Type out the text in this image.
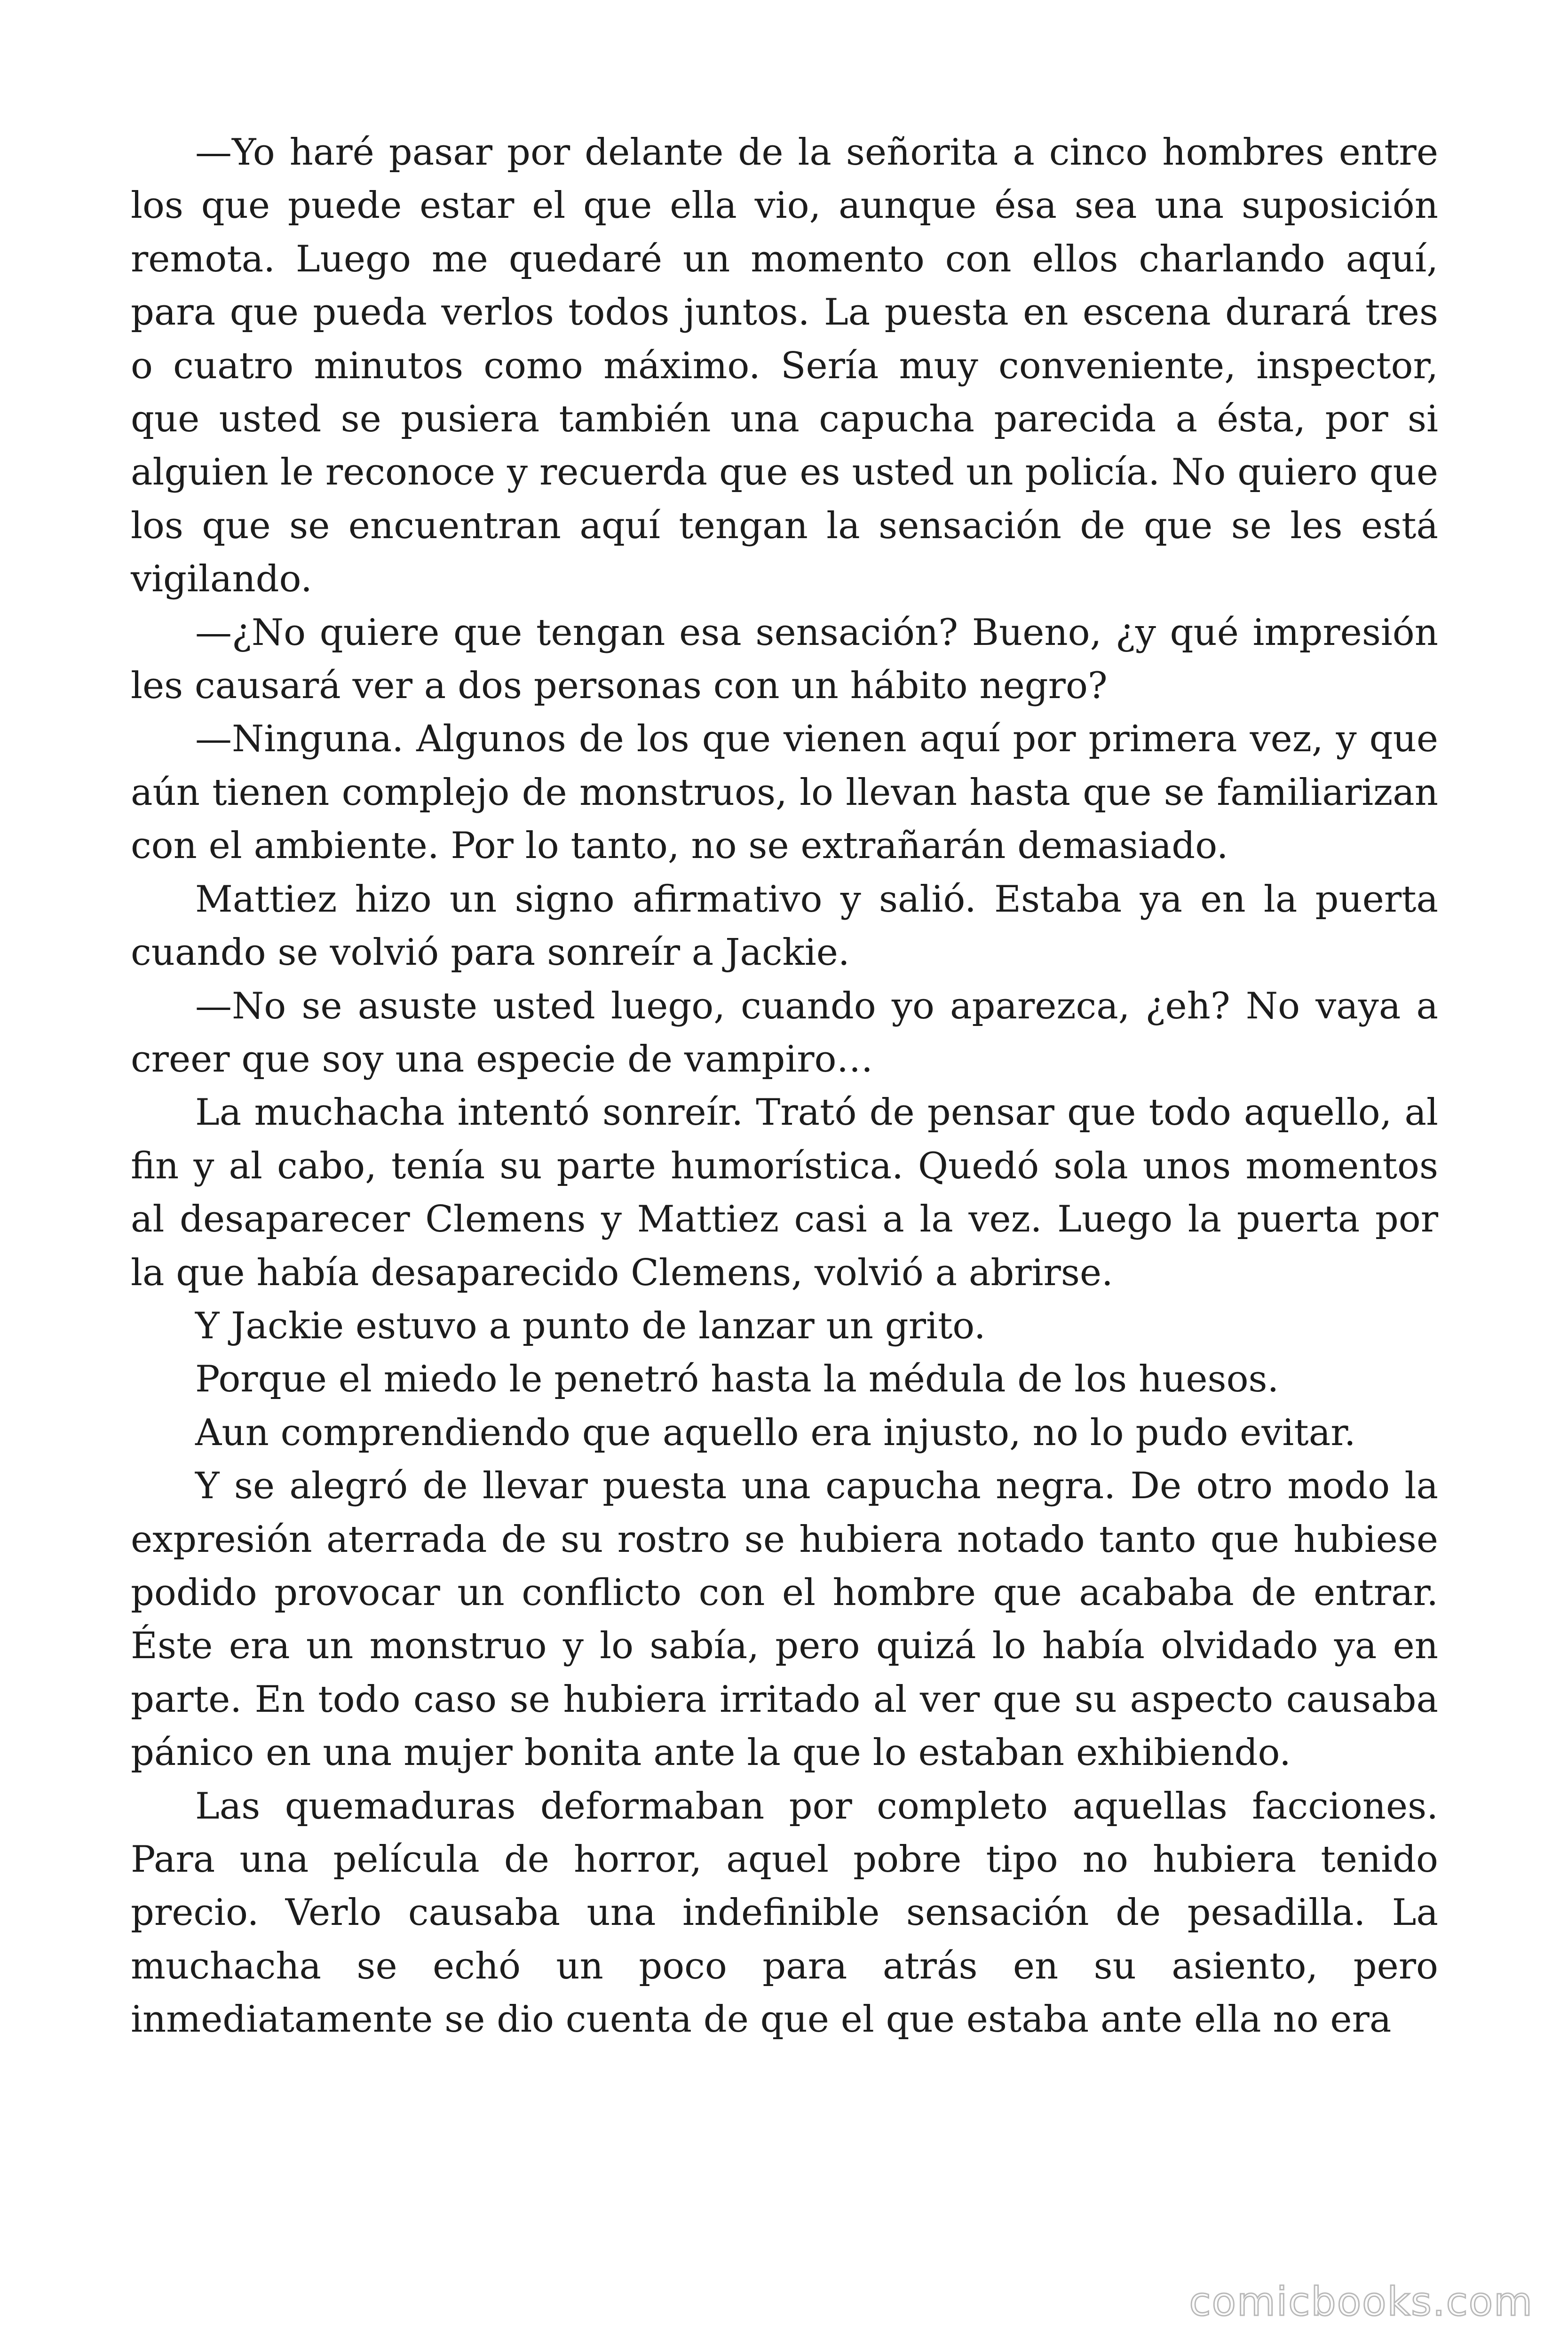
—Yo haré pasar por delante de la señorita a cinco hombres entre los que puede estar el que ella vio, aunque ésa sea una suposición remota. Luego me quedaré un momento con ellos charlando aquí, para que pueda verlos todos juntos. La puesta en escena durará tres o cuatro minutos como máximo. Sería muy conveniente, inspector, que usted se pusiera también una capucha parecida a ésta, por si alguien le reconoce y recuerda que es usted un policía. No quiero que los que se encuentran aquí tengan la sensación de que se les está vigilando.

—¿No quiere que tengan esa sensación? Bueno, ¿y qué impresión les causará ver a dos personas con un hábito negro?

—Ninguna. Algunos de los que vienen aquí por primera vez, y que aún tienen complejo de monstruos, lo llevan hasta que se familiarizan con el ambiente. Por lo tanto, no se extrañarán demasiado.

Mattiez hizo un signo afirmativo y salió. Estaba ya en la puerta cuando se volvió para sonreír a Jackie.

—No se asuste usted luego, cuando yo aparezca, ¿eh? No vaya a creer que soy una especie de vampiro…

La muchacha intentó sonreír. Trató de pensar que todo aquello, al fin y al cabo, tenía su parte humorística. Quedó sola unos momentos al desaparecer Clemens y Mattiez casi a la vez. Luego la puerta por la que había desaparecido Clemens, volvió a abrirse.

Y Jackie estuvo a punto de lanzar un grito.

Porque el miedo le penetró hasta la médula de los huesos.

Aun comprendiendo que aquello era injusto, no lo pudo evitar.

Y se alegró de llevar puesta una capucha negra. De otro modo la expresión aterrada de su rostro se hubiera notado tanto que hubiese podido provocar un conflicto con el hombre que acababa de entrar. Éste era un monstruo y lo sabía, pero quizá lo había olvidado ya en parte. En todo caso se hubiera irritado al ver que su aspecto causaba pánico en una mujer bonita ante la que lo estaban exhibiendo.

Las quemaduras deformaban por completo aquellas facciones. Para una película de horror, aquel pobre tipo no hubiera tenido precio. Verlo causaba una indefinible sensación de pesadilla. La muchacha se echó un poco para atrás en su asiento, pero inmediatamente se dio cuenta de que el que estaba ante ella no era

comicbooks.com
